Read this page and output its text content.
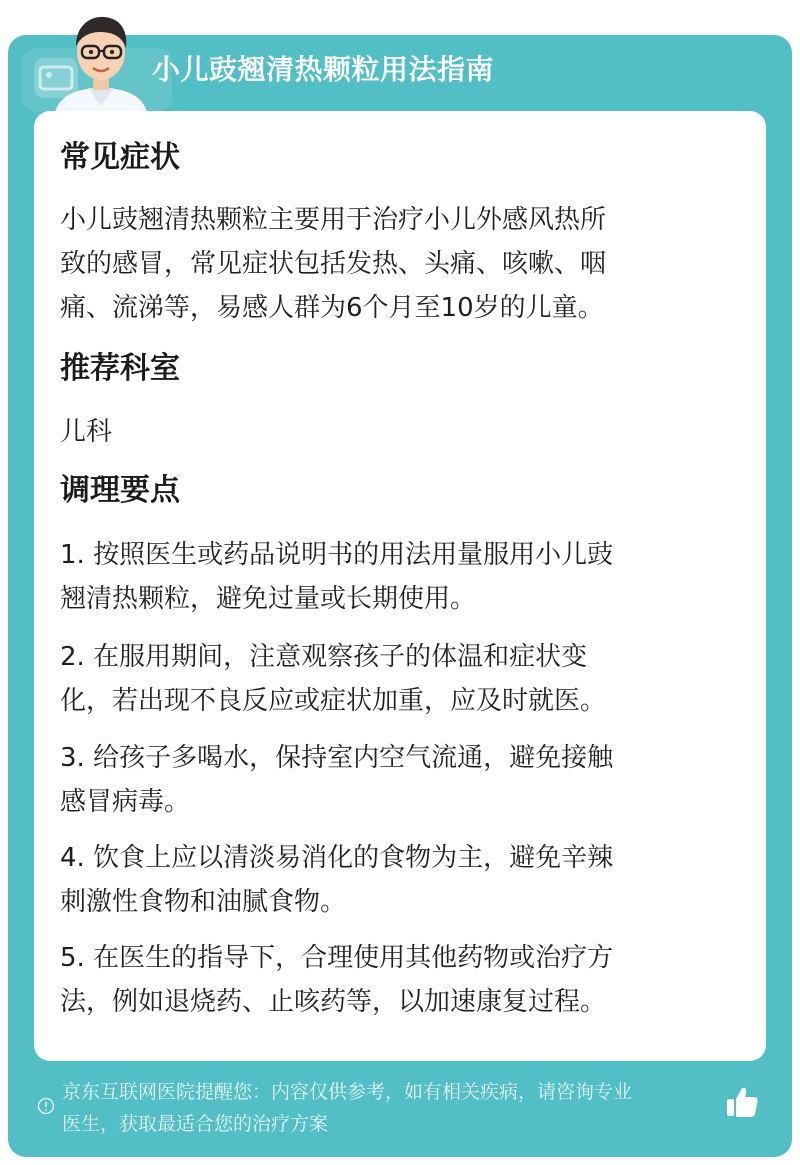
小儿豉翘清热颗粒用法指南
常见症状
小儿豉翘清热颗粒主要用于治疗小儿外感风热所
致的感冒，常见症状包括发热、头痛、咳嗽、咽
痛、流涕等，易感人群为6个月至10岁的儿童。
推荐科室
儿科
调理要点
1. 按照医生或药品说明书的用法用量服用小儿豉
翘清热颗粒，避免过量或长期使用。
2. 在服用期间，注意观察孩子的体温和症状变
化，若出现不良反应或症状加重，应及时就医。
3. 给孩子多喝水，保持室内空气流通，避免接触
感冒病毒。
4. 饮食上应以清淡易消化的食物为主，避免辛辣
刺激性食物和油腻食物。
5. 在医生的指导下，合理使用其他药物或治疗方
法，例如退烧药、止咳药等，以加速康复过程。
京东互联网医院提醒您：内容仅供参考，如有相关疾病，请咨询专业
医生，获取最适合您的治疗方案
